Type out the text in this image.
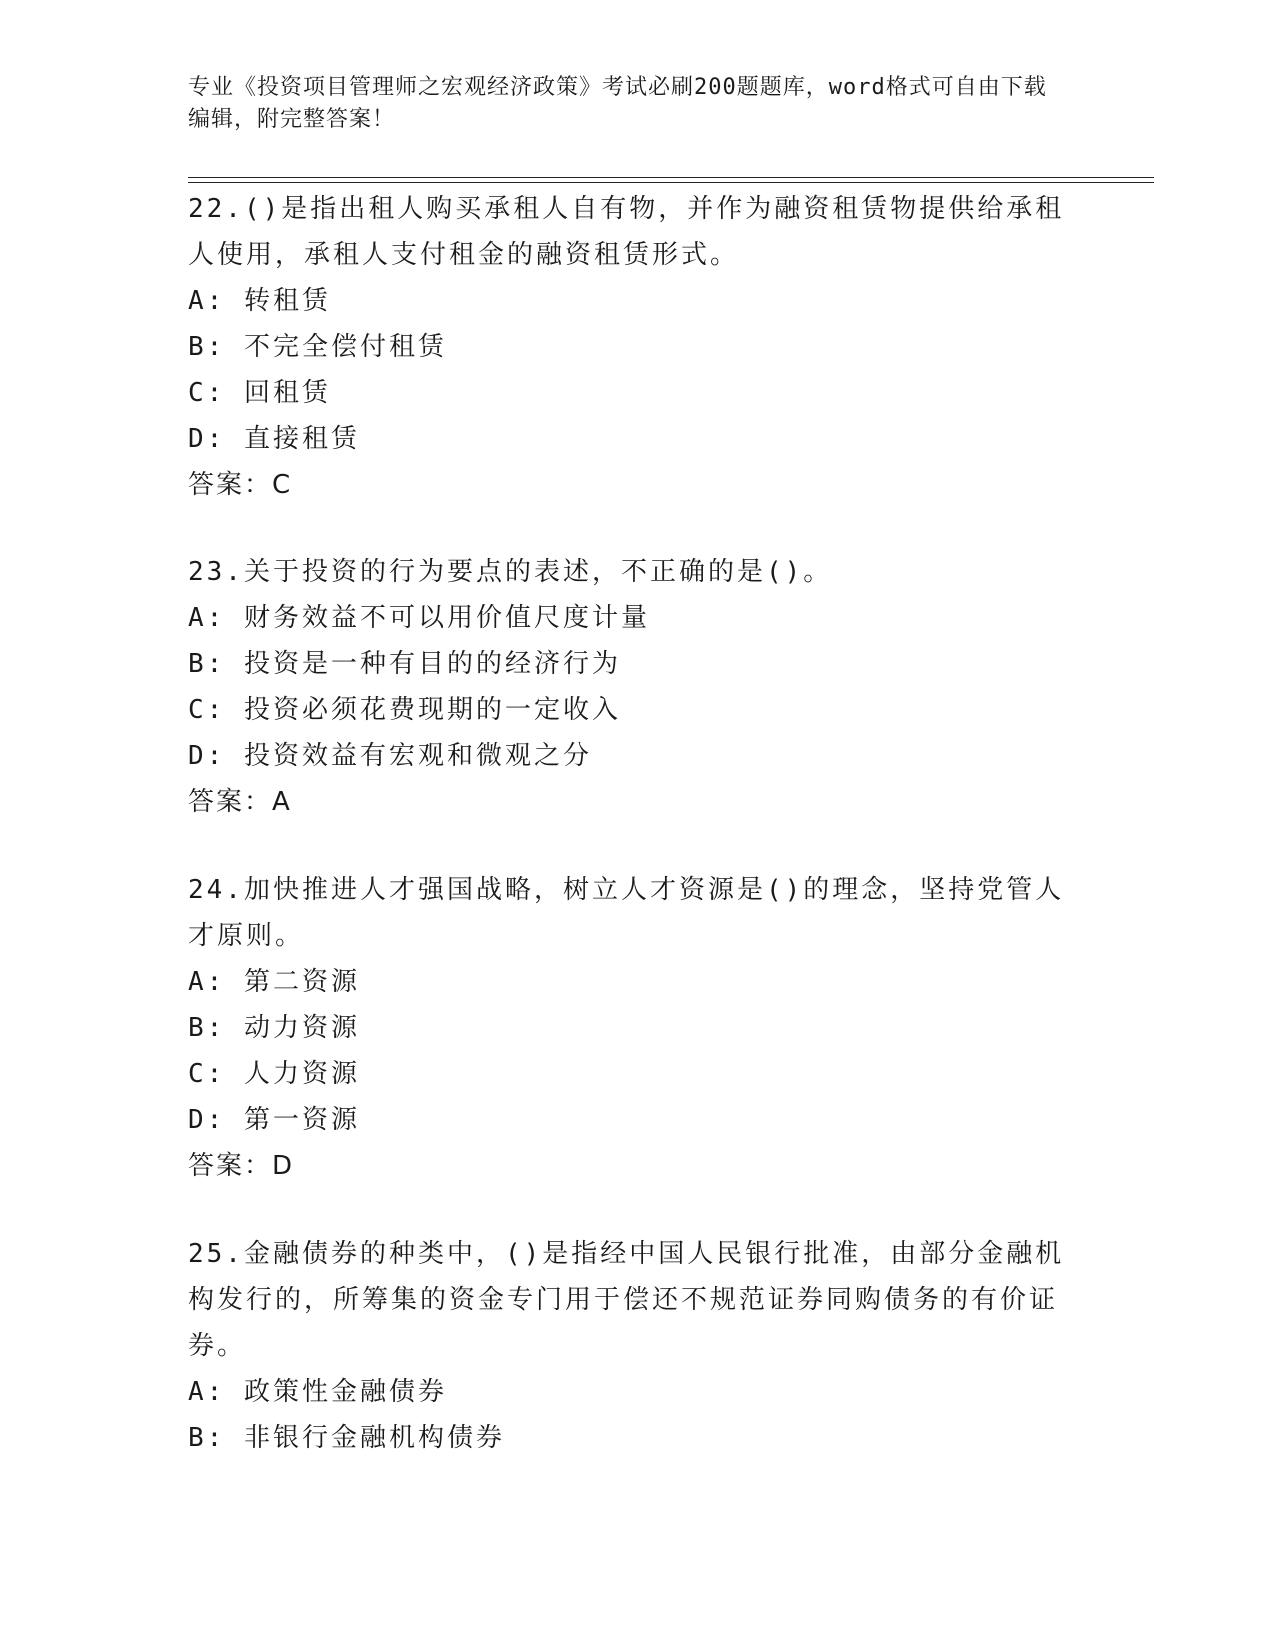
专业《投资项目管理师之宏观经济政策》考试必刷200题题库，word格式可自由下载编辑，附完整答案！

22.()是指出租人购买承租人自有物，并作为融资租赁物提供给承租人使用，承租人支付租金的融资租赁形式。

A: 转租赁

B: 不完全偿付租赁

C: 回租赁

D: 直接租赁

答案：C

23.关于投资的行为要点的表述，不正确的是()。

A: 财务效益不可以用价值尺度计量

B: 投资是一种有目的的经济行为

C: 投资必须花费现期的一定收入

D: 投资效益有宏观和微观之分

答案：A

24.加快推进人才强国战略，树立人才资源是()的理念，坚持党管人才原则。

A: 第二资源

B: 动力资源

C: 人力资源

D: 第一资源

答案：D

25.金融债券的种类中，()是指经中国人民银行批准，由部分金融机构发行的，所筹集的资金专门用于偿还不规范证券同购债务的有价证券。

A: 政策性金融债券

B: 非银行金融机构债券
